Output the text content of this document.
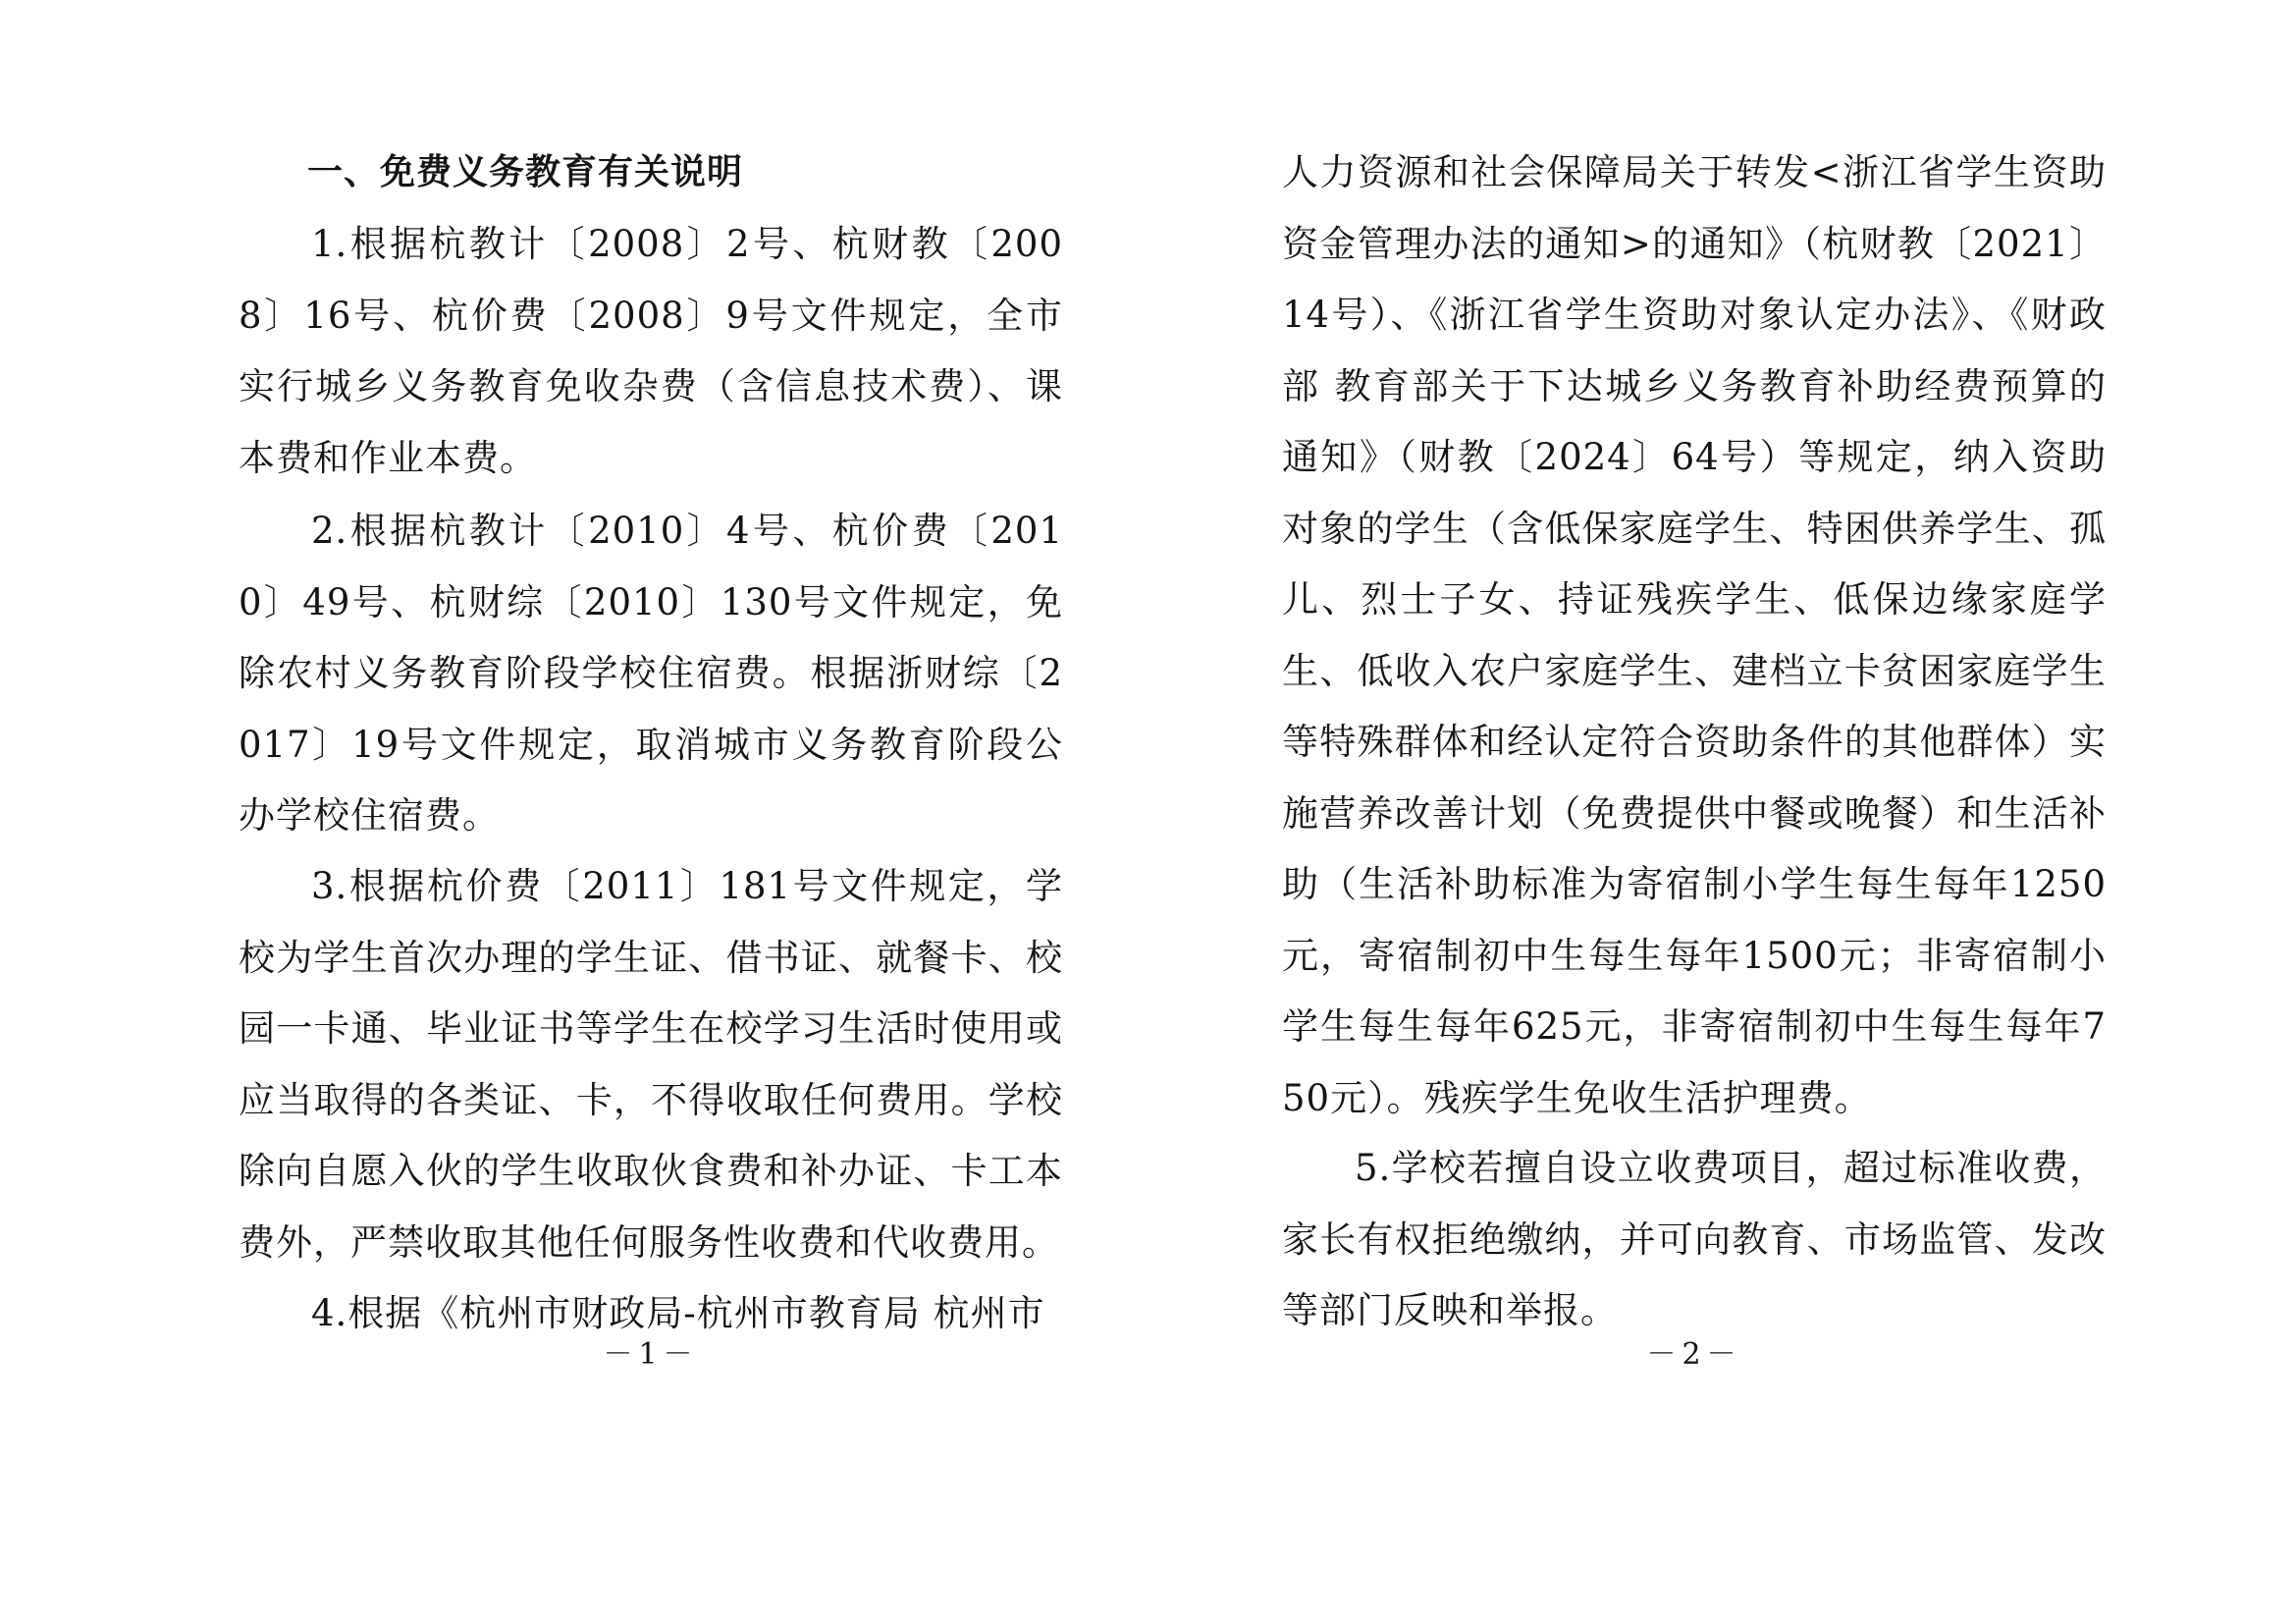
一、免费义务教育有关说明

1.根据杭教计〔2008〕2号、杭财教〔2008〕16号、杭价费〔2008〕9号文件规定，全市实行城乡义务教育免收杂费（含信息技术费）、课本费和作业本费。

2.根据杭教计〔2010〕4号、杭价费〔2010〕49号、杭财综〔2010〕130号文件规定，免除农村义务教育阶段学校住宿费。根据浙财综〔2017〕19号文件规定，取消城市义务教育阶段公办学校住宿费。

3.根据杭价费〔2011〕181号文件规定，学校为学生首次办理的学生证、借书证、就餐卡、校园一卡通、毕业证书等学生在校学习生活时使用或应当取得的各类证、卡，不得收取任何费用。学校除向自愿入伙的学生收取伙食费和补办证、卡工本费外，严禁收取其他任何服务性收费和代收费用。

4.根据《杭州市财政局-杭州市教育局 杭州市

－1－

人力资源和社会保障局关于转发<浙江省学生资助资金管理办法的通知>的通知》（杭财教〔2021〕14号）、《浙江省学生资助对象认定办法》、《财政部 教育部关于下达城乡义务教育补助经费预算的通知》（财教〔2024〕64号）等规定，纳入资助对象的学生（含低保家庭学生、特困供养学生、孤儿、烈士子女、持证残疾学生、低保边缘家庭学生、低收入农户家庭学生、建档立卡贫困家庭学生等特殊群体和经认定符合资助条件的其他群体）实施营养改善计划（免费提供中餐或晚餐）和生活补助（生活补助标准为寄宿制小学生每生每年1250元，寄宿制初中生每生每年1500元；非寄宿制小学生每生每年625元，非寄宿制初中生每生每年750元）。残疾学生免收生活护理费。

5.学校若擅自设立收费项目，超过标准收费，家长有权拒绝缴纳，并可向教育、市场监管、发改等部门反映和举报。

－2－
